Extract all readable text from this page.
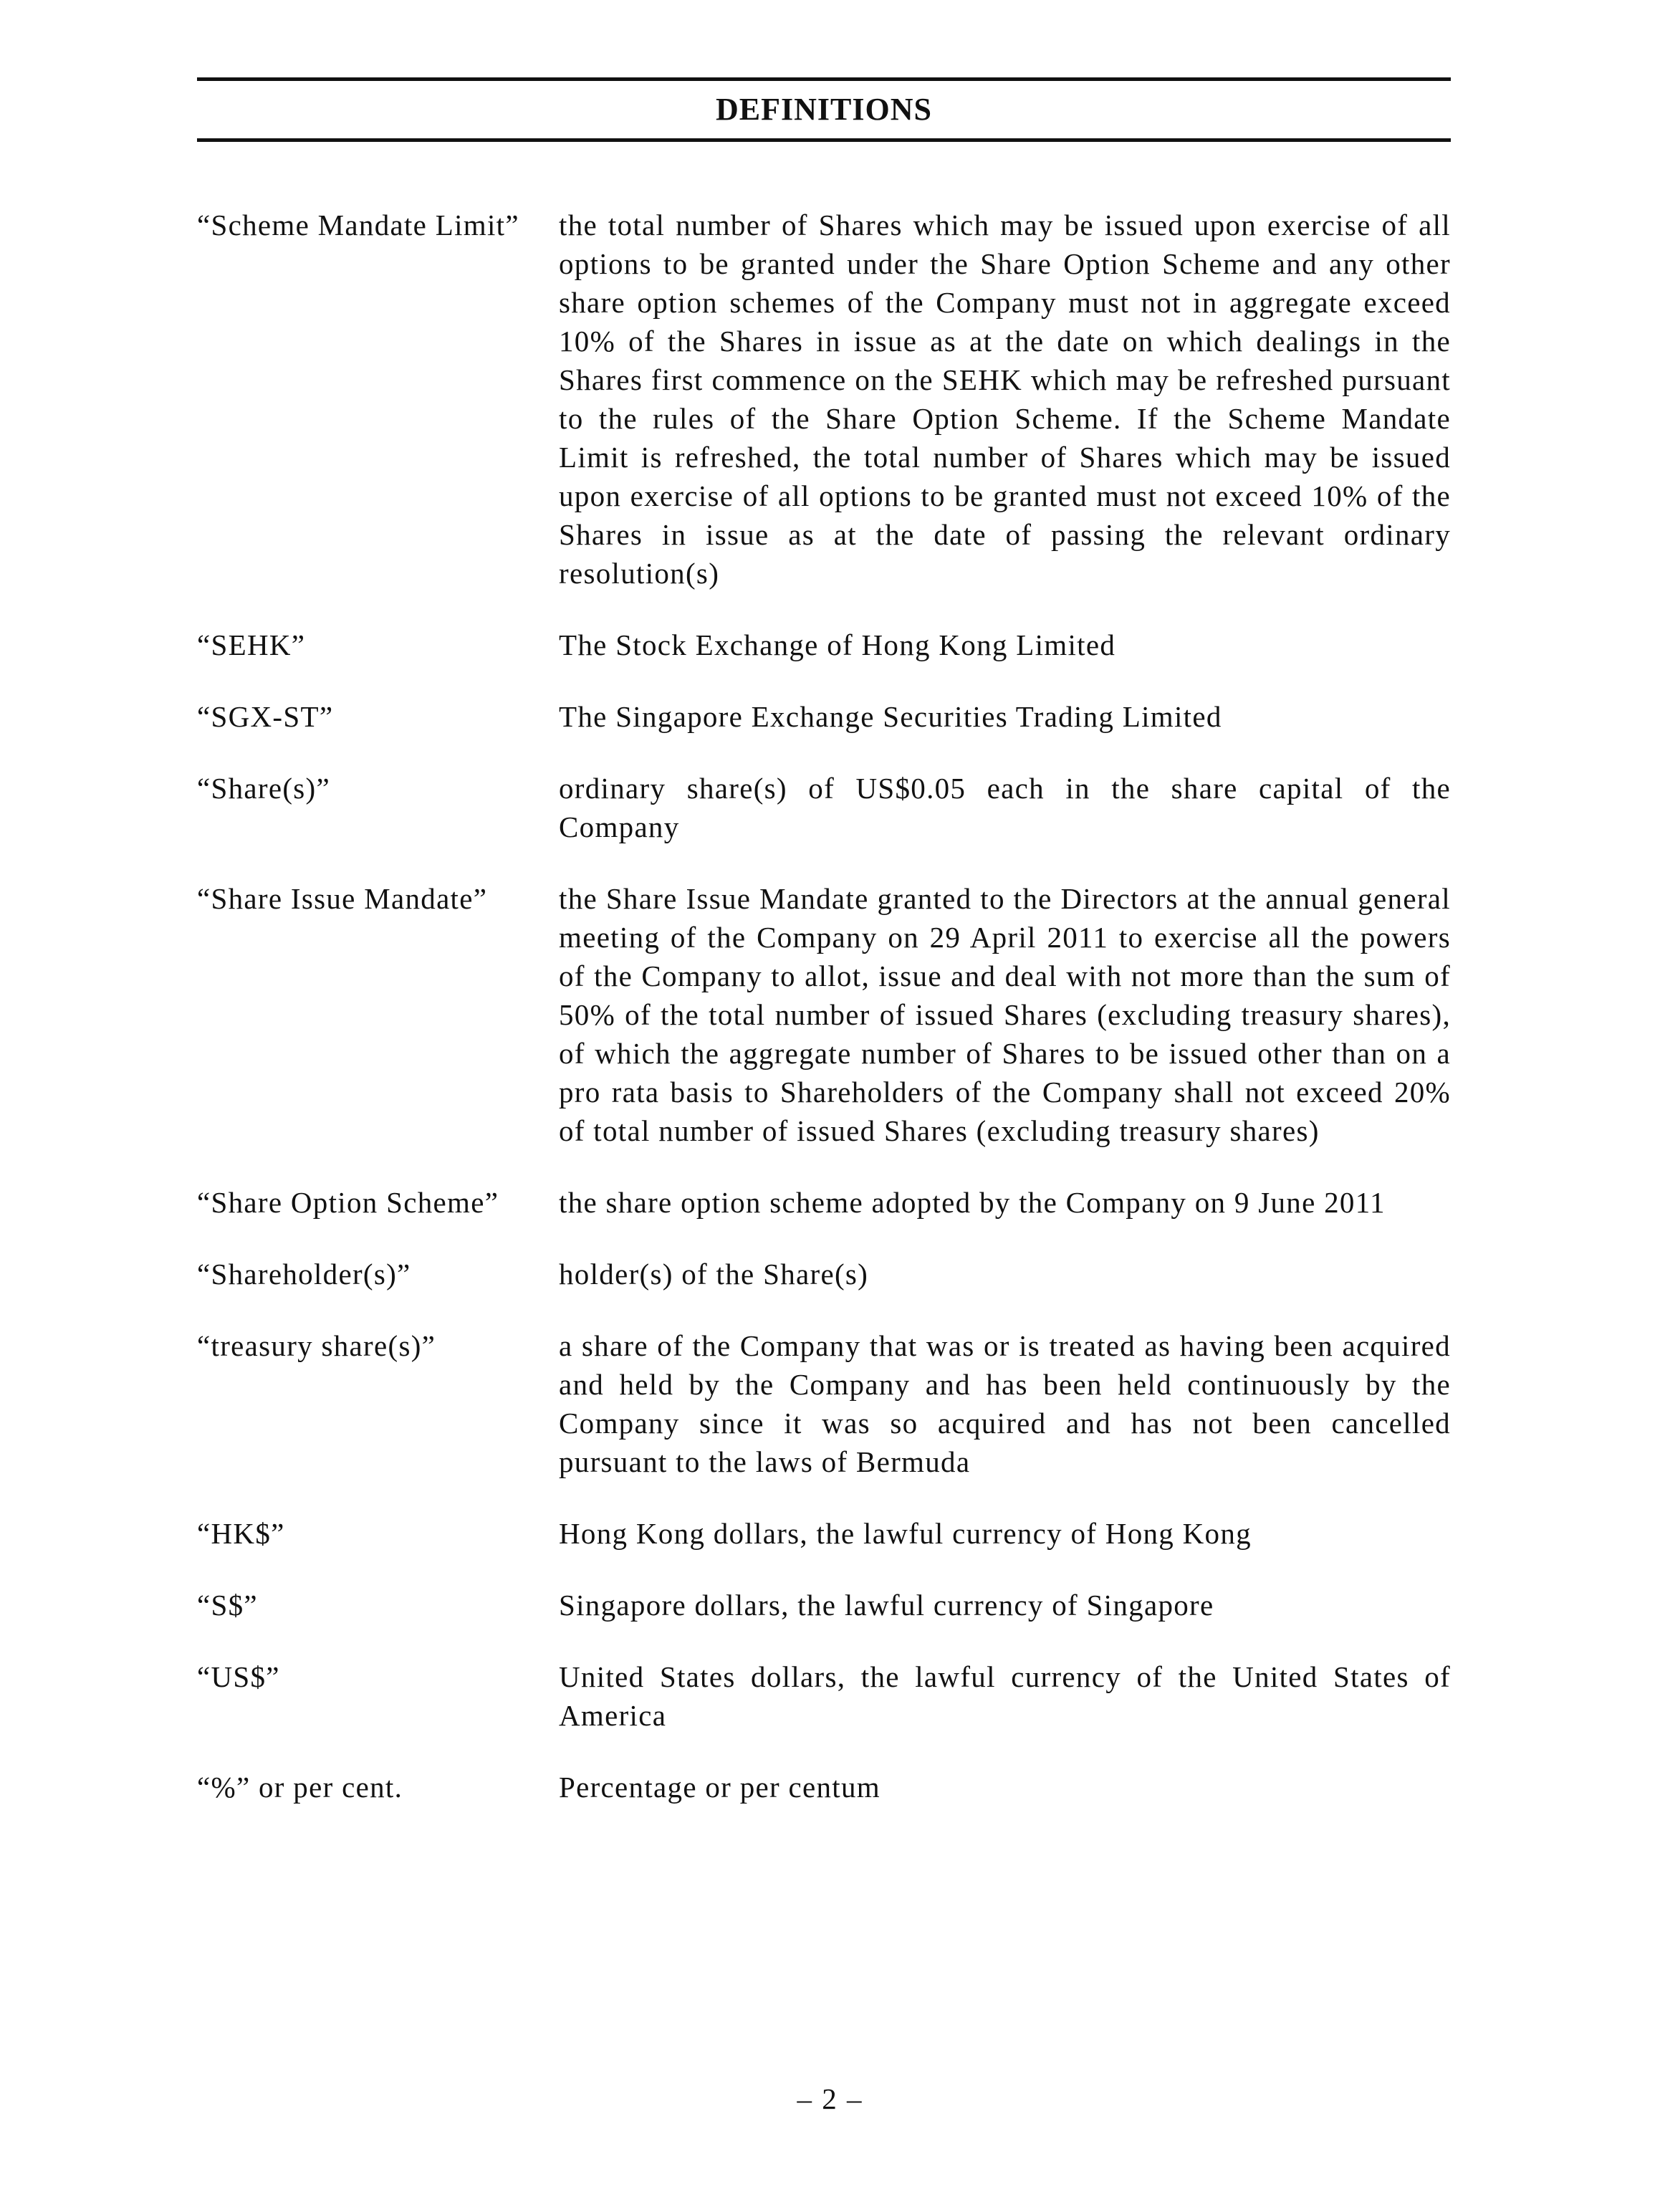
DEFINITIONS
“Scheme Mandate Limit”	the total number of Shares which may be issued upon exercise of all options to be granted under the Share Option Scheme and any other share option schemes of the Company must not in aggregate exceed 10% of the Shares in issue as at the date on which dealings in the Shares first commence on the SEHK which may be refreshed pursuant to the rules of the Share Option Scheme. If the Scheme Mandate Limit is refreshed, the total number of Shares which may be issued upon exercise of all options to be granted must not exceed 10% of the Shares in issue as at the date of passing the relevant ordinary resolution(s)
“SEHK”	The Stock Exchange of Hong Kong Limited
“SGX-ST”	The Singapore Exchange Securities Trading Limited
“Share(s)”	ordinary share(s) of US$0.05 each in the share capital of the Company
“Share Issue Mandate”	the Share Issue Mandate granted to the Directors at the annual general meeting of the Company on 29 April 2011 to exercise all the powers of the Company to allot, issue and deal with not more than the sum of 50% of the total number of issued Shares (excluding treasury shares), of which the aggregate number of Shares to be issued other than on a pro rata basis to Shareholders of the Company shall not exceed 20% of total number of issued Shares (excluding treasury shares)
“Share Option Scheme”	the share option scheme adopted by the Company on 9 June 2011
“Shareholder(s)”	holder(s) of the Share(s)
“treasury share(s)”	a share of the Company that was or is treated as having been acquired and held by the Company and has been held continuously by the Company since it was so acquired and has not been cancelled pursuant to the laws of Bermuda
“HK$”	Hong Kong dollars, the lawful currency of Hong Kong
“S$”	Singapore dollars, the lawful currency of Singapore
“US$”	United States dollars, the lawful currency of the United States of America
“%” or per cent.	Percentage or per centum
– 2 –
